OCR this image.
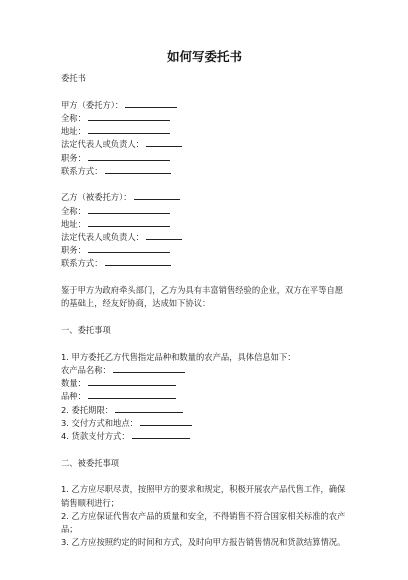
如何写委托书
委托书
甲方（委托方）：
全称：
地址：
法定代表人或负责人：
职务：
联系方式：
乙方（被委托方）：
全称：
地址：
法定代表人或负责人：
职务：
联系方式：
鉴于甲方为政府牵头部门，乙方为具有丰富销售经验的企业，双方在平等自愿的基础上，经友好协商，达成如下协议：
一、委托事项
1. 甲方委托乙方代售指定品种和数量的农产品，具体信息如下：
农产品名称：
数量：
品种：
2. 委托期限：
3. 交付方式和地点：
4. 货款支付方式：
二、被委托事项
1. 乙方应尽职尽责，按照甲方的要求和规定，积极开展农产品代售工作，确保销售顺利进行；
2. 乙方应保证代售农产品的质量和安全，不得销售不符合国家相关标准的农产品；
3. 乙方应按照约定的时间和方式，及时向甲方报告销售情况和货款结算情况。
